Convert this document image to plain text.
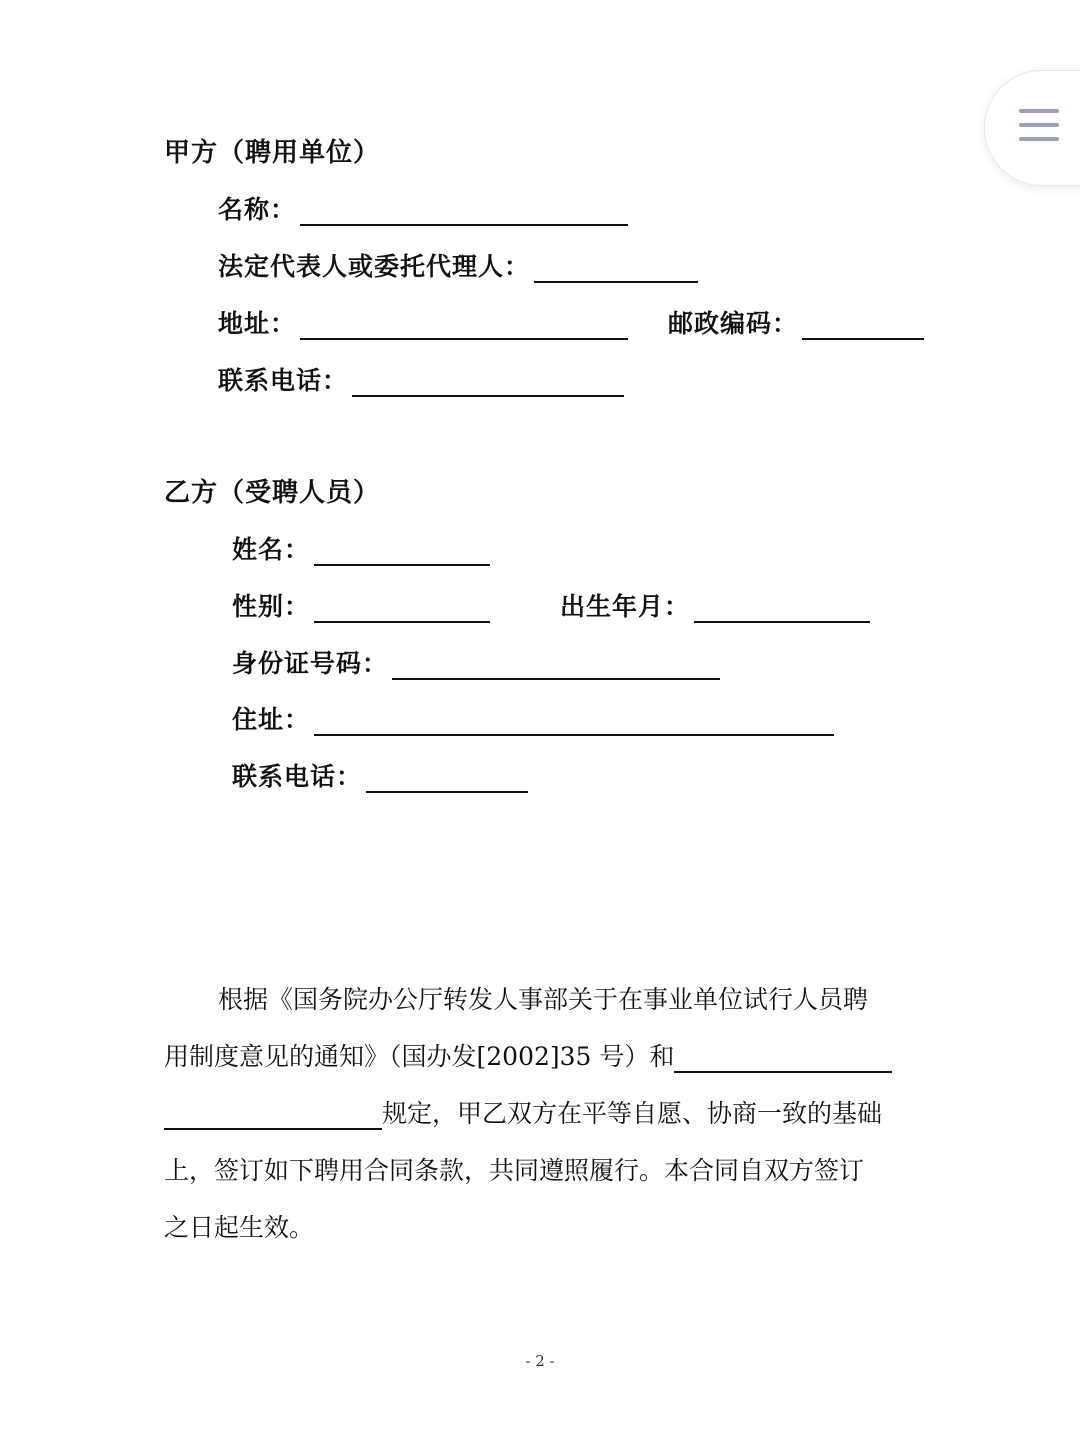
甲方（聘用单位）
名称：
法定代表人或委托代理人：
地址：	邮政编码：
联系电话：
乙方（受聘人员）
姓名：
性别：	出生年月：
身份证号码：
住址：
联系电话：
根据《国务院办公厅转发人事部关于在事业单位试行人员聘
用制度意见的通知》（国办发[2002]35 号）和
规定，甲乙双方在平等自愿、协商一致的基础
上，签订如下聘用合同条款，共同遵照履行。本合同自双方签订
之日起生效。
- 2 -
